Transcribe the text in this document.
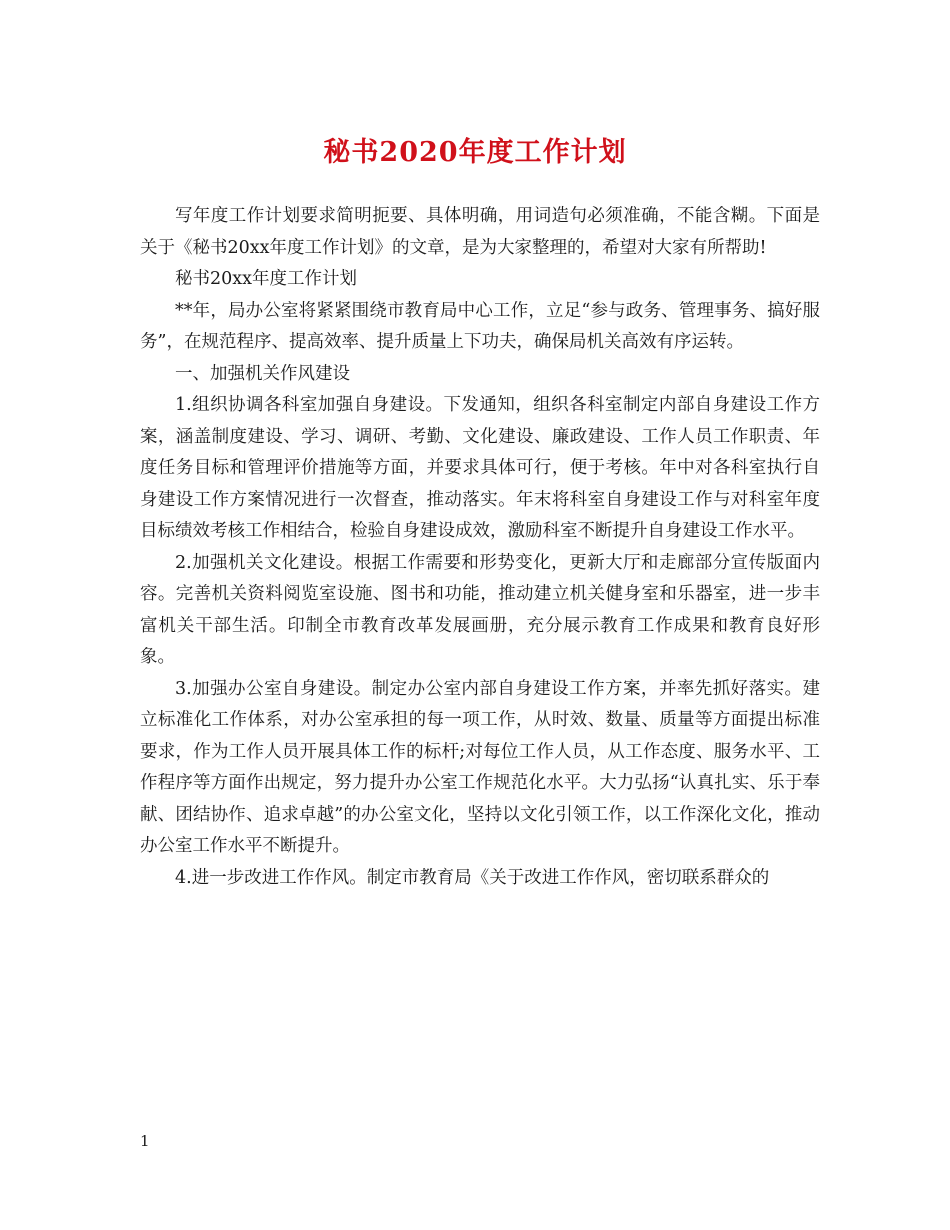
秘书2020年度工作计划

写年度工作计划要求简明扼要、具体明确，用词造句必须准确，不能含糊。下面是关于《秘书20xx年度工作计划》的文章，是为大家整理的，希望对大家有所帮助!

秘书20xx年度工作计划

**年，局办公室将紧紧围绕市教育局中心工作，立足“参与政务、管理事务、搞好服务”，在规范程序、提高效率、提升质量上下功夫，确保局机关高效有序运转。

一、加强机关作风建设

1.组织协调各科室加强自身建设。下发通知，组织各科室制定内部自身建设工作方案，涵盖制度建设、学习、调研、考勤、文化建设、廉政建设、工作人员工作职责、年度任务目标和管理评价措施等方面，并要求具体可行，便于考核。年中对各科室执行自身建设工作方案情况进行一次督查，推动落实。年末将科室自身建设工作与对科室年度目标绩效考核工作相结合，检验自身建设成效，激励科室不断提升自身建设工作水平。

2.加强机关文化建设。根据工作需要和形势变化，更新大厅和走廊部分宣传版面内容。完善机关资料阅览室设施、图书和功能，推动建立机关健身室和乐器室，进一步丰富机关干部生活。印制全市教育改革发展画册，充分展示教育工作成果和教育良好形象。

3.加强办公室自身建设。制定办公室内部自身建设工作方案，并率先抓好落实。建立标准化工作体系，对办公室承担的每一项工作，从时效、数量、质量等方面提出标准要求，作为工作人员开展具体工作的标杆;对每位工作人员，从工作态度、服务水平、工作程序等方面作出规定，努力提升办公室工作规范化水平。大力弘扬“认真扎实、乐于奉献、团结协作、追求卓越”的办公室文化，坚持以文化引领工作，以工作深化文化，推动办公室工作水平不断提升。

4.进一步改进工作作风。制定市教育局《关于改进工作作风，密切联系群众的

1
